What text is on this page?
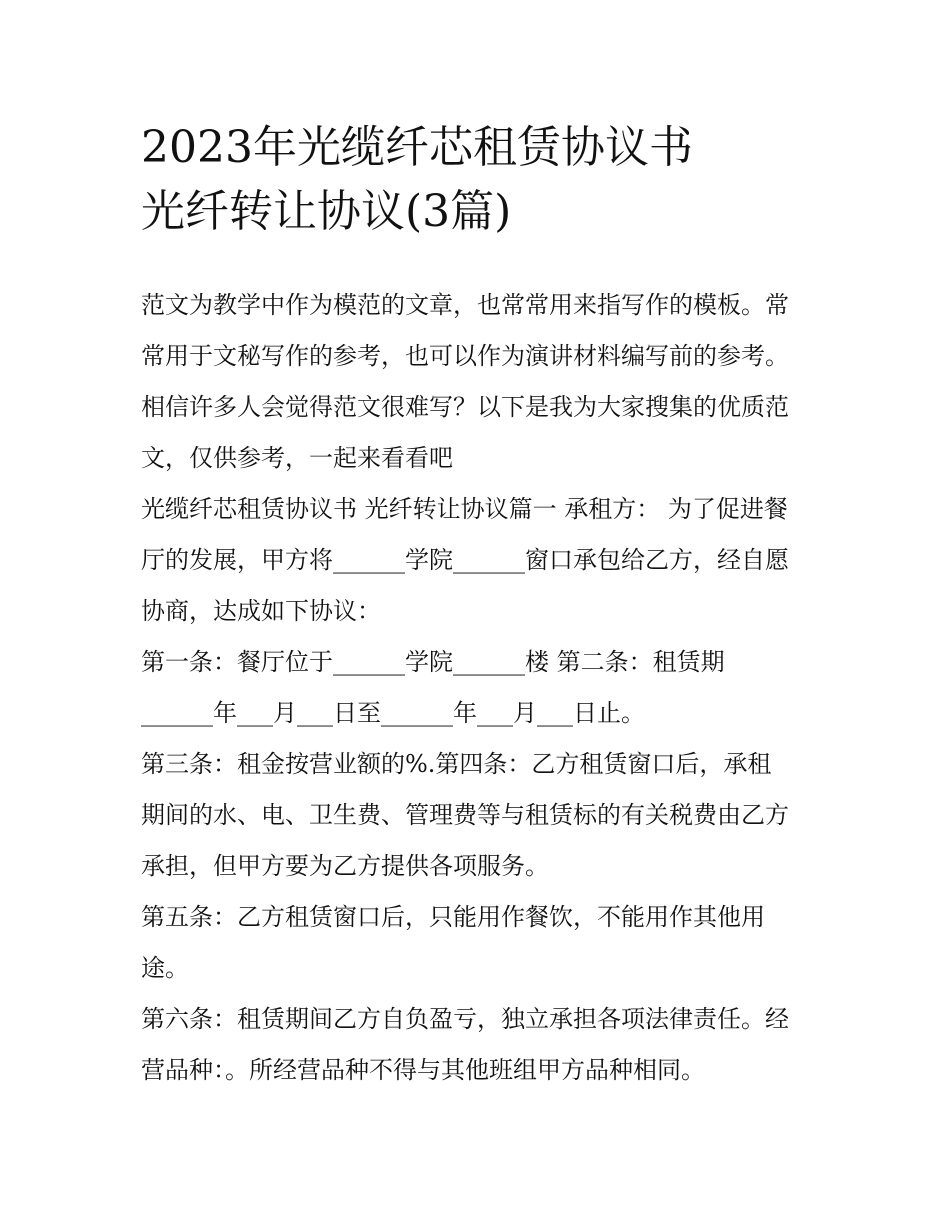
2023年光缆纤芯租赁协议书
光纤转让协议(3篇)

范文为教学中作为模范的文章，也常常用来指写作的模板。常
常用于文秘写作的参考，也可以作为演讲材料编写前的参考。
相信许多人会觉得范文很难写？以下是我为大家搜集的优质范
文，仅供参考，一起来看看吧

光缆纤芯租赁协议书 光纤转让协议篇一 承租方： 为了促进餐
厅的发展，甲方将______学院______窗口承包给乙方，经自愿
协商，达成如下协议：

第一条：餐厅位于______学院______楼 第二条：租赁期
______年___月___日至______年___月___日止。

第三条：租金按营业额的%.第四条：乙方租赁窗口后，承租
期间的水、电、卫生费、管理费等与租赁标的有关税费由乙方
承担，但甲方要为乙方提供各项服务。

第五条：乙方租赁窗口后，只能用作餐饮，不能用作其他用
途。

第六条：租赁期间乙方自负盈亏，独立承担各项法律责任。经
营品种：。所经营品种不得与其他班组甲方品种相同。
